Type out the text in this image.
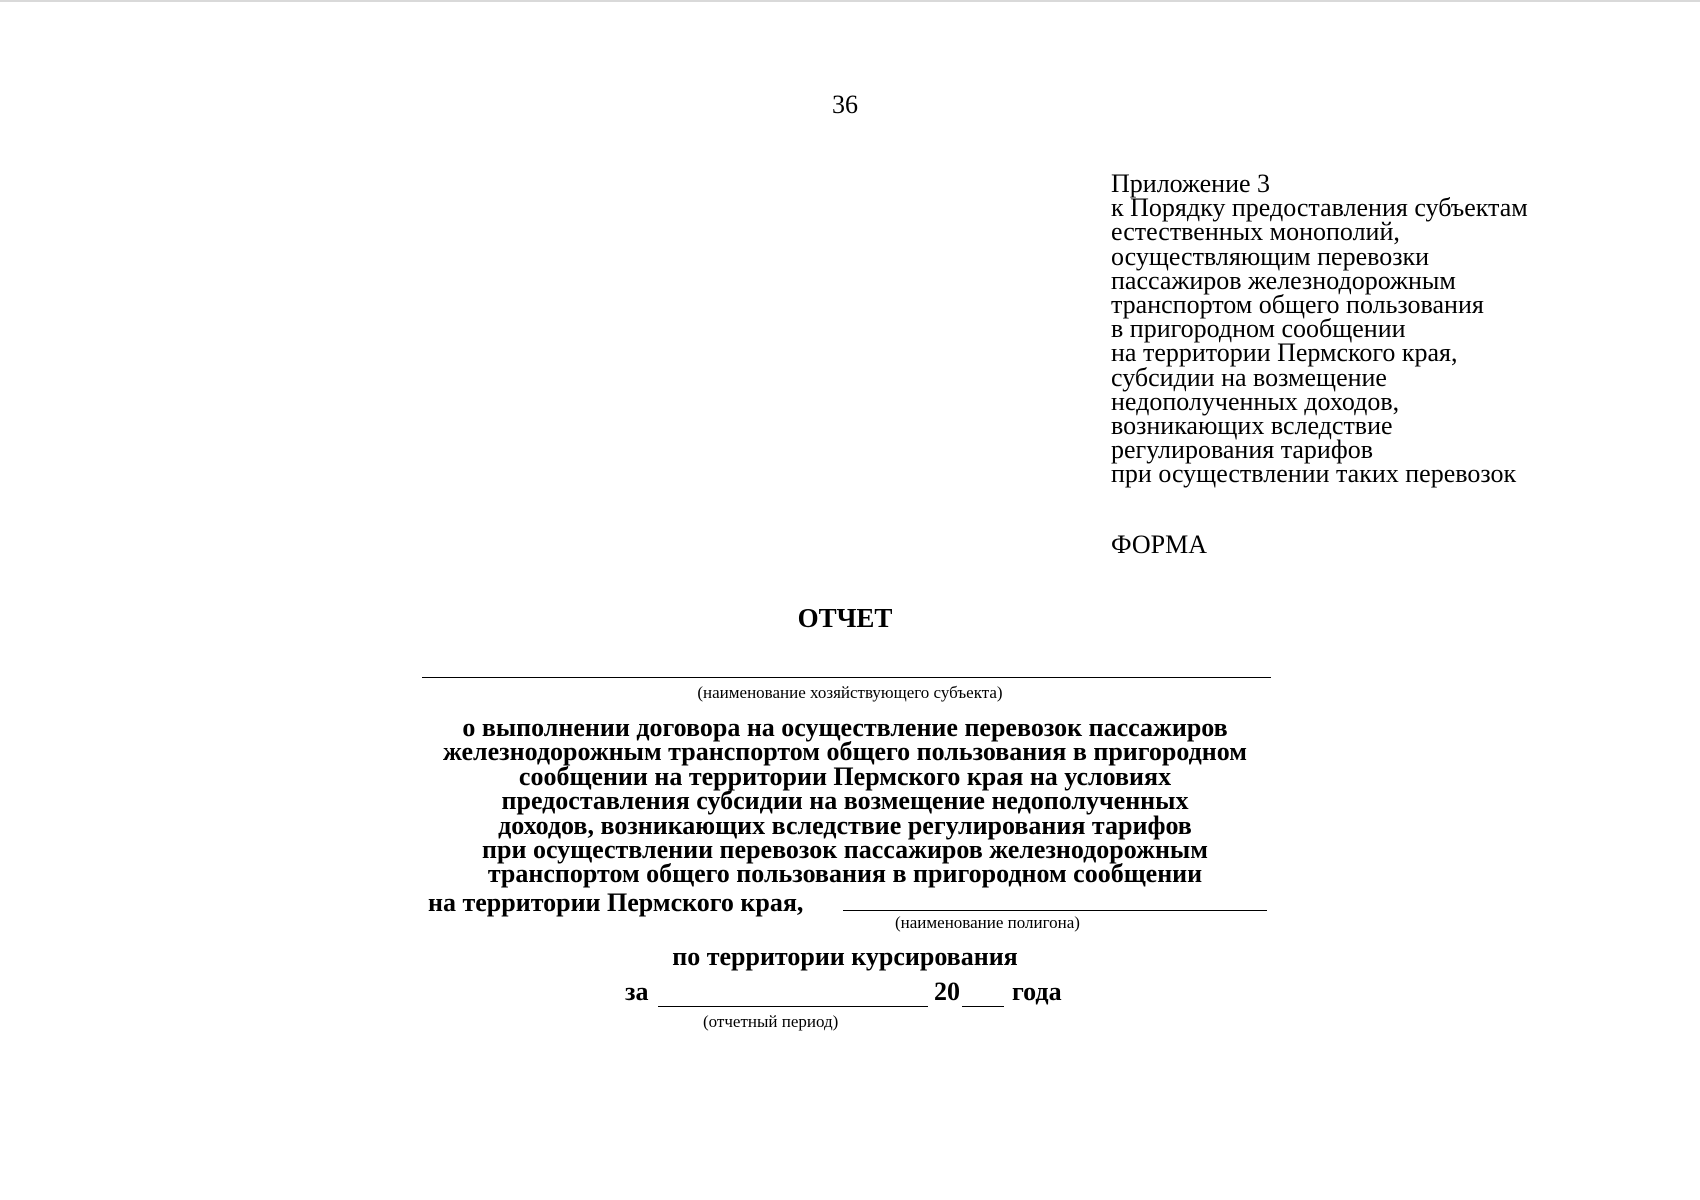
36
Приложение 3
к Порядку предоставления субъектам
естественных монополий,
осуществляющим перевозки
пассажиров железнодорожным
транспортом общего пользования
в пригородном сообщении
на территории Пермского края,
субсидии на возмещение
недополученных доходов,
возникающих вследствие
регулирования тарифов
при осуществлении таких перевозок
ФОРМА
ОТЧЕТ
(наименование хозяйствующего субъекта)
о выполнении договора на осуществление перевозок пассажиров
железнодорожным транспортом общего пользования в пригородном
сообщении на территории Пермского края на условиях
предоставления субсидии на возмещение недополученных
доходов, возникающих вследствие регулирования тарифов
при осуществлении перевозок пассажиров железнодорожным
транспортом общего пользования в пригородном сообщении
на территории Пермского края,
(наименование полигона)
по территории курсирования
за	20 года
(отчетный период)
